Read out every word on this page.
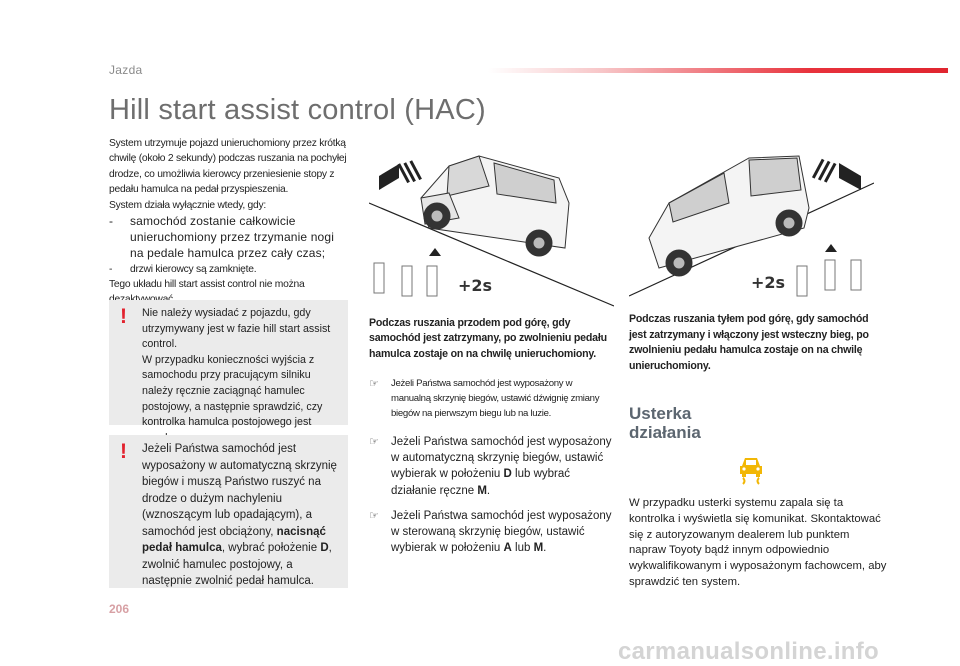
Jazda
Hill start assist control (HAC)

System utrzymuje pojazd unieruchomiony przez krótką chwilę (około 2 sekundy) podczas ruszania na pochyłej drodze, co umożliwia kierowcy przeniesienie stopy z pedału hamulca na pedał przyspieszenia.

System działa wyłącznie wtedy, gdy:

-	samochód zostanie całkowicie unieruchomiony przez trzymanie nogi na pedale hamulca przez cały czas;
-	drzwi kierowcy są zamknięte.

Tego układu hill start assist control nie można

! Nie należy wysiadać z pojazdu, gdy utrzymywany jest w fazie hill start assist control.

W przypadku konieczności wyjścia z samochodu przy pracującym silniku należy ręcznie zaciągnąć hamulec postojowy, a następnie sprawdzić, czy kontrolka hamulca postojowego jest

! Jeżeli Państwa samochód jest wyposażony w automatyczną skrzynię biegów i muszą Państwo ruszyć na drodze o dużym nachyleniu (wznoszącym lub opadającym), a samochód jest obciążony, nacisnąć pedał hamulca, wybrać położenie D, zwolnić hamulec postojowy, a następnie zwolnić pedał hamulca.

+2s	+2s
Podczas ruszania przodem pod górę, gdy samochód jest zatrzymany, po zwolnieniu pedału hamulca zostaje on na chwilę unieruchomiony.
Podczas ruszania tyłem pod górę, gdy samochód jest zatrzymany i włączony jest wsteczny bieg, po zwolnieniu pedału hamulca zostaje on na chwilę unieruchomiony.
☞	Jeżeli Państwa samochód jest wyposażony w manualną skrzynię biegów, ustawić dźwignię zmiany biegów na pierwszym biegu lub na luzie.
☞	Jeżeli Państwa samochód jest wyposażony w automatyczną skrzynię biegów, ustawić wybierak w położeniu D lub wybrać działanie ręczne M.
☞	Jeżeli Państwa samochód jest wyposażony w sterowaną skrzynię biegów, ustawić wybierak w położeniu A lub M.
Usterka
działania
W przypadku usterki systemu zapala się ta kontrolka i wyświetla się komunikat. Skontaktować się z autoryzowanym dealerem lub punktem napraw Toyoty bądź innym odpowiednio wykwalifikowanym i wyposażonym fachowcem, aby sprawdzić ten system.
206
carmanualsonline.info
